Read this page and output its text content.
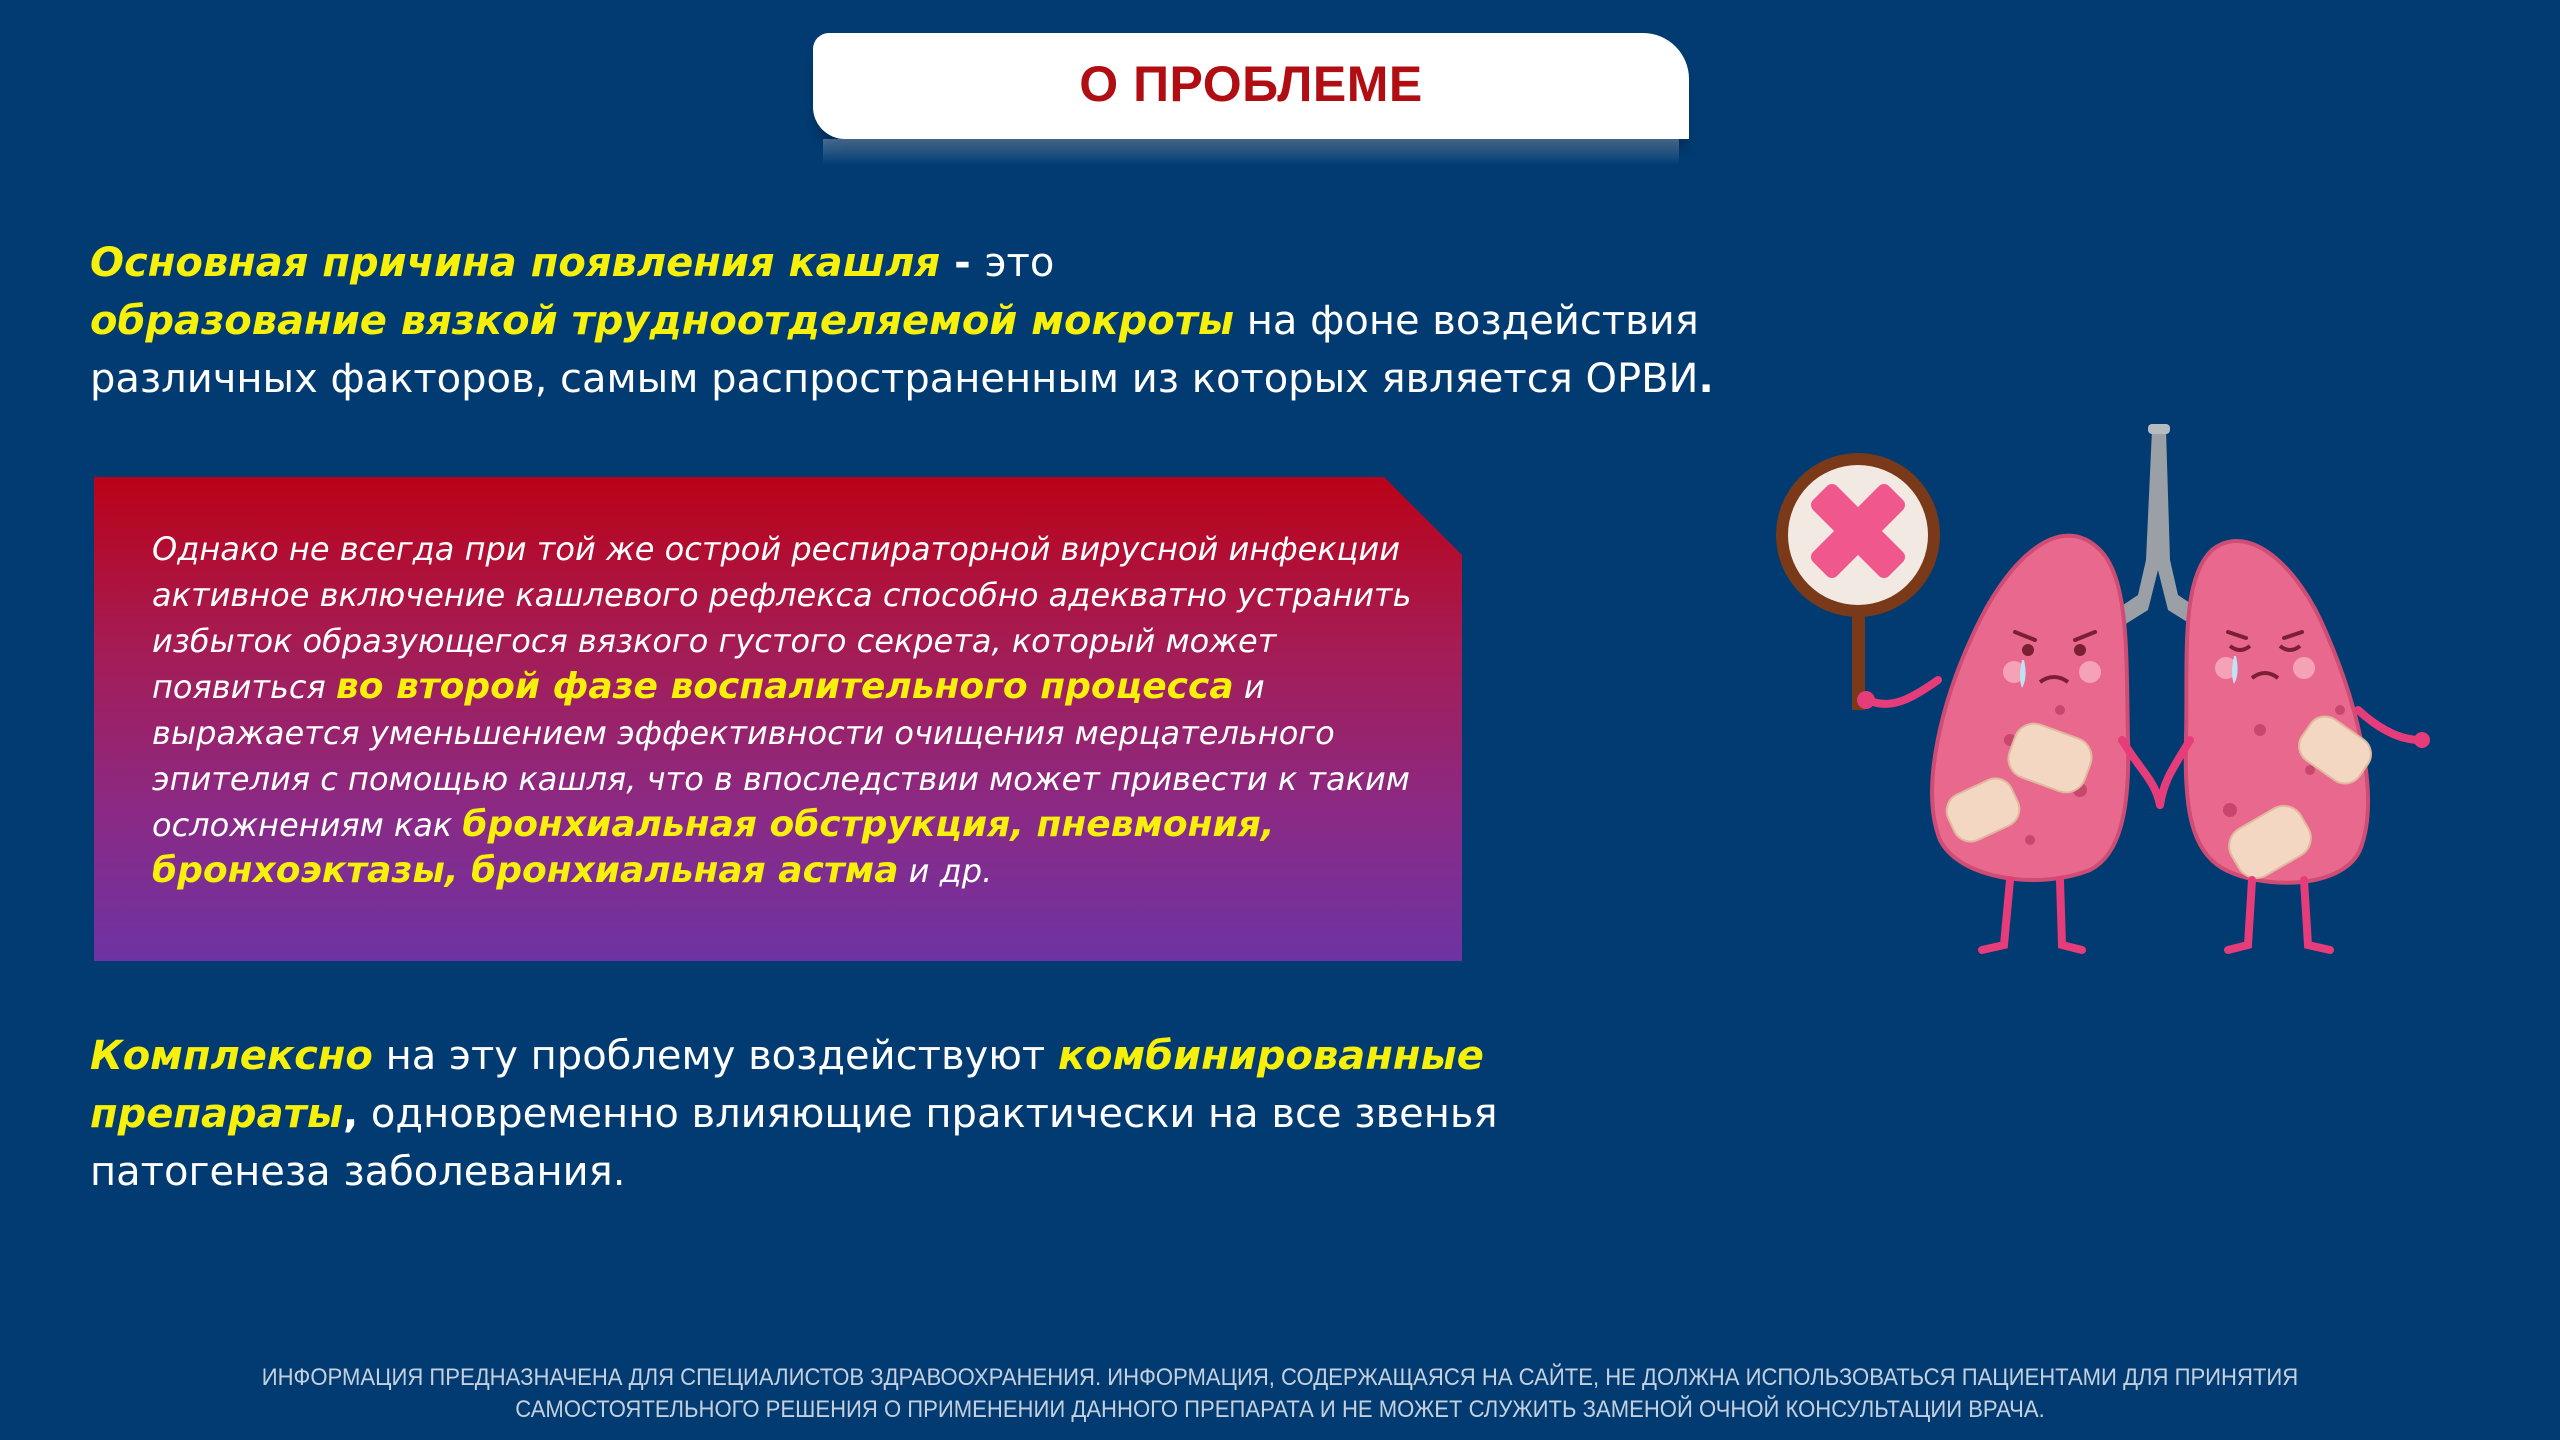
О ПРОБЛЕМЕ
Основная причина появления кашля - это
образование вязкой трудноотделяемой мокроты на фоне воздействия различных факторов, самым распространенным из которых является ОРВИ.
Однако не всегда при той же острой респираторной вирусной инфекции активное включение кашлевого рефлекса способно адекватно устранить избыток образующегося вязкого густого секрета, который может появиться во второй фазе воспалительного процесса и выражается уменьшением эффективности очищения мерцательного эпителия с помощью кашля, что в впоследствии может привести к таким осложнениям как бронхиальная обструкция, пневмония, бронхоэктазы, бронхиальная астма и др.
Комплексно на эту проблему воздействуют комбинированные препараты, одновременно влияющие практически на все звенья патогенеза заболевания.
ИНФОРМАЦИЯ ПРЕДНАЗНАЧЕНА ДЛЯ СПЕЦИАЛИСТОВ ЗДРАВООХРАНЕНИЯ. ИНФОРМАЦИЯ, СОДЕРЖАЩАЯСЯ НА САЙТЕ, НЕ ДОЛЖНА ИСПОЛЬЗОВАТЬСЯ ПАЦИЕНТАМИ ДЛЯ ПРИНЯТИЯ САМОСТОЯТЕЛЬНОГО РЕШЕНИЯ О ПРИМЕНЕНИИ ДАННОГО ПРЕПАРАТА И НЕ МОЖЕТ СЛУЖИТЬ ЗАМЕНОЙ ОЧНОЙ КОНСУЛЬТАЦИИ ВРАЧА.
